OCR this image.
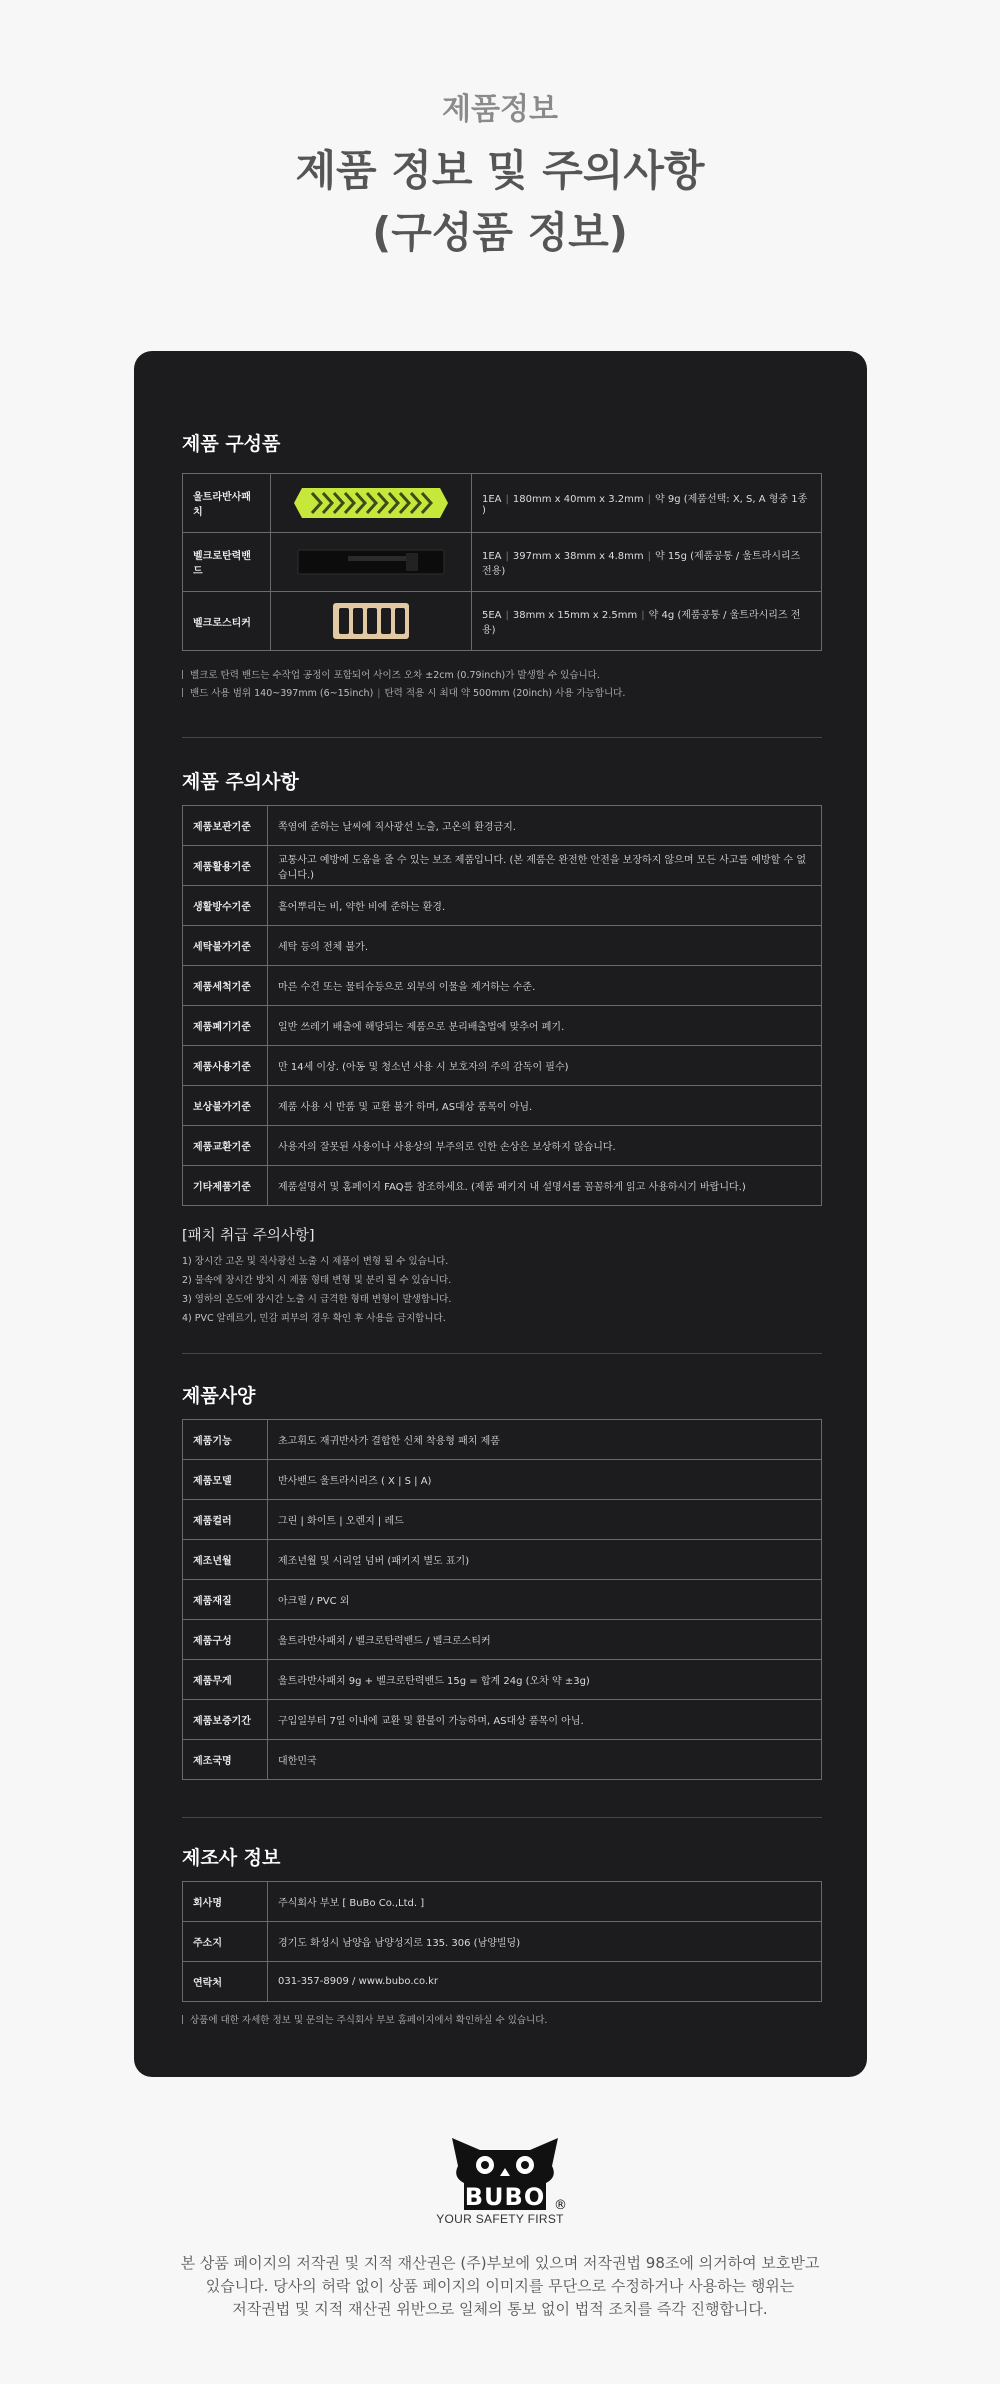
제품정보
제품 정보 및 주의사항
(구성품 정보)
제품 구성품
울트라반사패치		1EA | 180mm x 40mm x 3.2mm | 약 9g (제품선택: X, S, A 형중 1종 )
벨크로탄력밴드		1EA | 397mm x 38mm x 4.8mm | 약 15g (제품공통 / 울트라시리즈 전용)
벨크로스티커		5EA | 38mm x 15mm x 2.5mm | 약 4g (제품공통 / 울트라시리즈 전용)

벨크로 탄력 밴드는 수작업 공정이 포함되어 사이즈 오차 ±2cm (0.79inch)가 발생할 수 있습니다.

밴드 사용 범위 140~397mm (6~15inch) | 탄력 적용 시 최대 약 500mm (20inch) 사용 가능합니다.

제품 주의사항
제품보관기준	쪽염에 준하는 날씨에 직사광선 노출, 고온의 환경금지.
제품활용기준	교통사고 예방에 도움을 줄 수 있는 보조 제품입니다. (본 제품은 완전한 안전을 보장하지 않으며 모든 사고를 예방할 수 없습니다.)
생활방수기준	흩어뿌리는 비, 약한 비에 준하는 환경.
세탁불가기준	세탁 등의 전체 불가.
제품세척기준	마른 수건 또는 물티슈등으로 외부의 이물을 제거하는 수준.
제품폐기기준	일반 쓰레기 배출에 해당되는 제품으로 분리배출법에 맞추어 폐기.
제품사용기준	만 14세 이상. (아동 및 청소년 사용 시 보호자의 주의 감독이 필수)
보상불가기준	제품 사용 시 반품 및 교환 불가 하며, AS대상 품목이 아님.
제품교환기준	사용자의 잘못된 사용이나 사용상의 부주의로 인한 손상은 보상하지 않습니다.
기타제품기준	제품설명서 및 홈페이지 FAQ를 참조하세요. (제품 패키지 내 설명서를 꼼꼼하게 읽고 사용하시기 바랍니다.)
[패치 취급 주의사항]

1) 장시간 고온 및 직사광선 노출 시 제품이 변형 될 수 있습니다.

2) 물속에 장시간 방치 시 제품 형태 변형 및 분리 될 수 있습니다.

3) 영하의 온도에 장시간 노출 시 급격한 형태 변형이 발생합니다.

4) PVC 알레르기, 민감 피부의 경우 확인 후 사용을 금지합니다.

제품사양
제품기능	초고휘도 재귀반사가 결합한 신체 착용형 패치 제품
제품모델	반사밴드 울트라시리즈 ( X | S | A)
제품컬러	그린 | 화이트 | 오렌지 | 레드
제조년월	제조년월 및 시리얼 넘버 (패키지 별도 표기)
제품재질	아크릴 / PVC 외
제품구성	울트라반사패치 / 벨크로탄력밴드 / 벨크로스티커
제품무게	울트라반사패치 9g + 벨크로탄력밴드 15g = 합계 24g (오차 약 ±3g)
제품보증기간	구입일부터 7일 이내에 교환 및 환불이 가능하며, AS대상 품목이 아님.
제조국명	대한민국
제조사 정보
회사명	주식회사 부보 [ BuBo Co.,Ltd. ]
주소지	경기도 화성시 남양읍 남양성지로 135. 306 (남양빌딩)
연락처	031-357-8909 / www.bubo.co.kr

상품에 대한 자세한 정보 및 문의는 주식회사 부보 홈페이지에서 확인하실 수 있습니다.

BUBO ®
YOUR SAFETY FIRST

본 상품 페이지의 저작권 및 지적 재산권은 (주)부보에 있으며 저작권법 98조에 의거하여 보호받고

있습니다. 당사의 허락 없이 상품 페이지의 이미지를 무단으로 수정하거나 사용하는 행위는

저작권법 및 지적 재산권 위반으로 일체의 통보 없이 법적 조치를 즉각 진행합니다.
